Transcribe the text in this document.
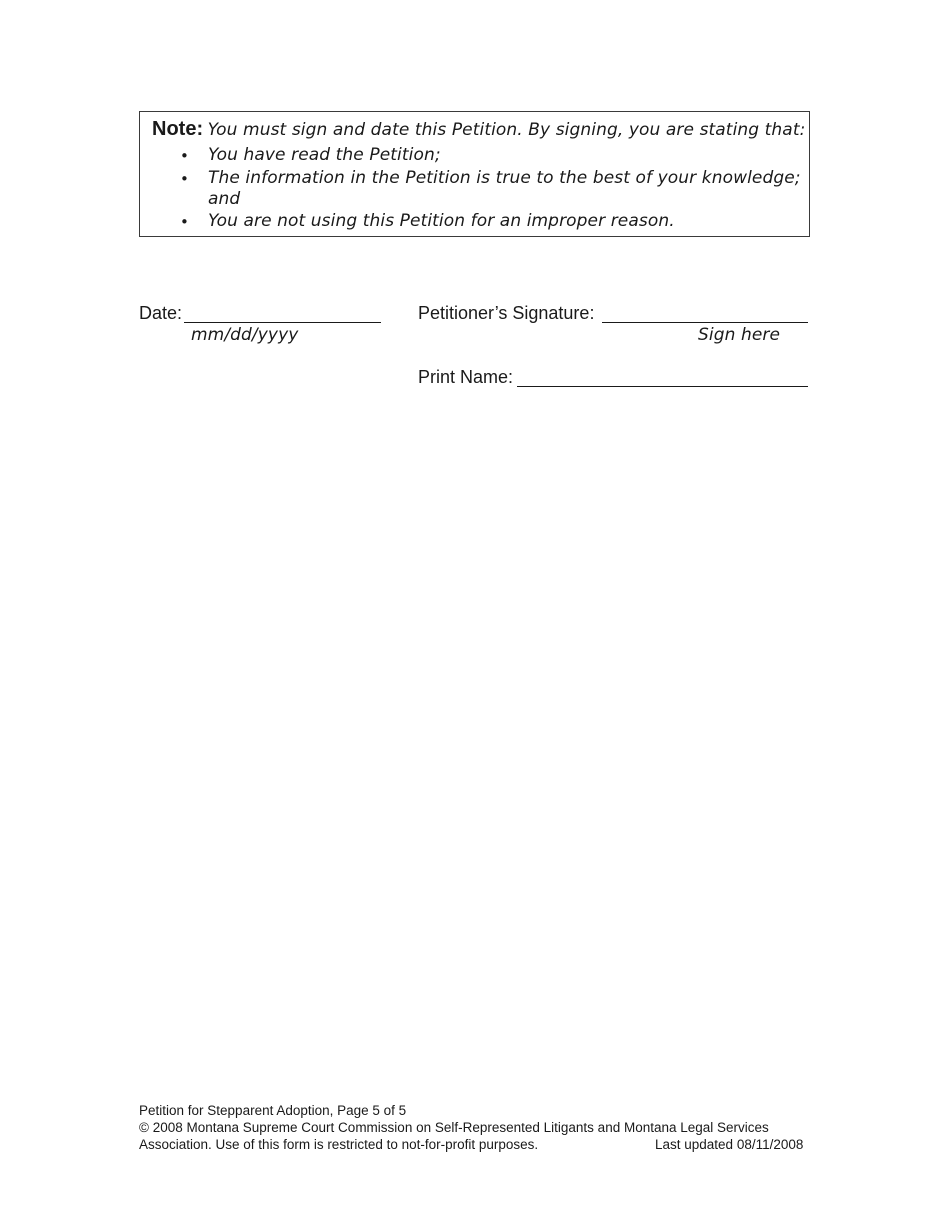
Note: You must sign and date this Petition. By signing, you are stating that:
• You have read the Petition;
• The information in the Petition is true to the best of your knowledge;
and
• You are not using this Petition for an improper reason.
Date:
mm/dd/yyyy
Petitioner’s Signature:
Sign here
Print Name:
Petition for Stepparent Adoption, Page 5 of 5
© 2008 Montana Supreme Court Commission on Self-Represented Litigants and Montana Legal Services
Association. Use of this form is restricted to not-for-profit purposes.	Last updated 08/11/2008
